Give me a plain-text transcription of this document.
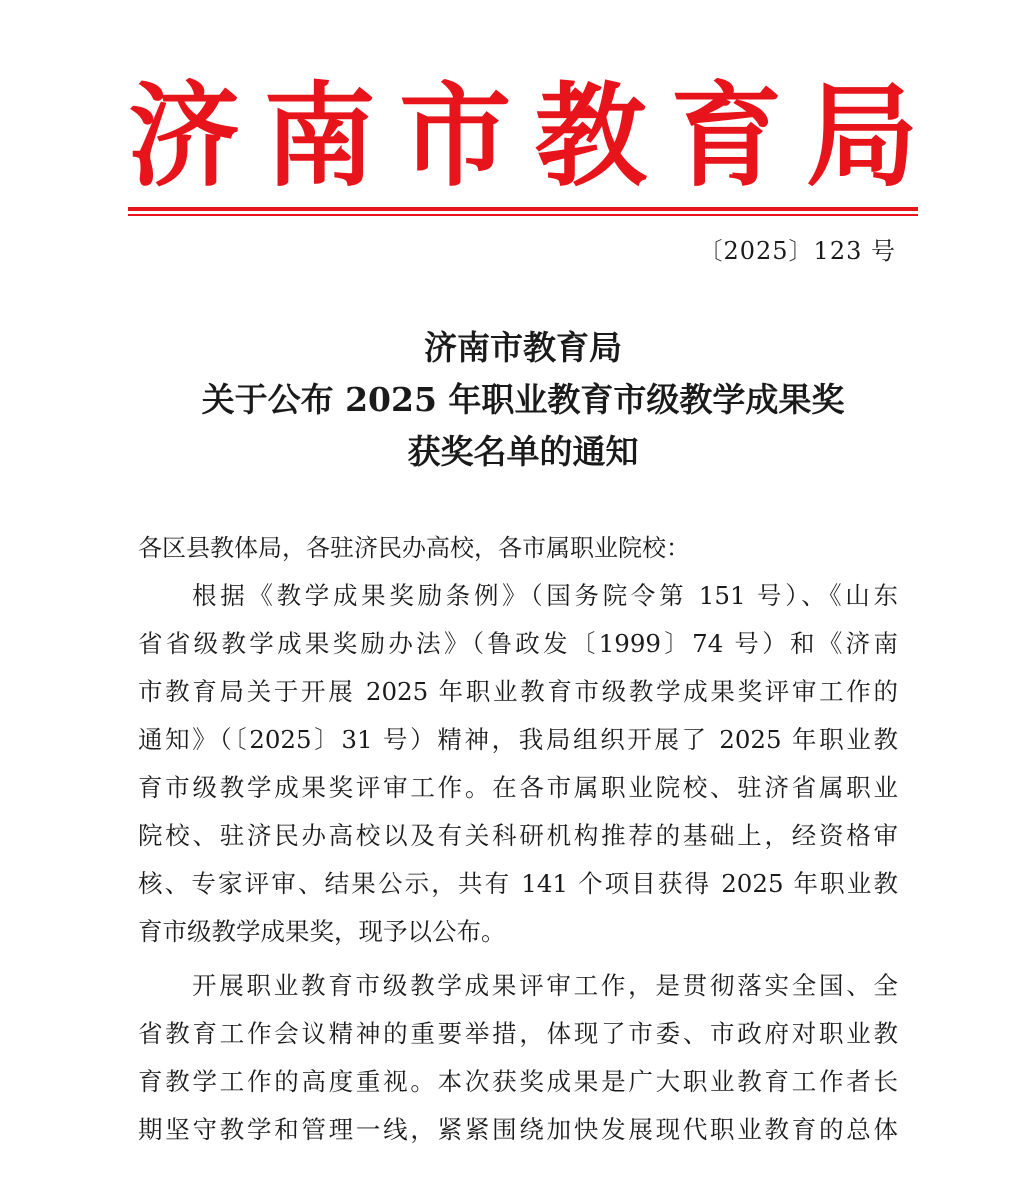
济 南 市 教 育 局
〔2025〕123 号
济南市教育局
关于公布 2025 年职业教育市级教学成果奖
获奖名单的通知
各区县教体局，各驻济民办高校，各市属职业院校：
根据《教学成果奖励条例》（国务院令第 151 号）、《山东
省省级教学成果奖励办法》（鲁政发〔1999〕74 号）和《济南
市教育局关于开展 2025 年职业教育市级教学成果奖评审工作的
通知》（〔2025〕31 号）精神，我局组织开展了 2025 年职业教
育市级教学成果奖评审工作。在各市属职业院校、驻济省属职业
院校、驻济民办高校以及有关科研机构推荐的基础上，经资格审
核、专家评审、结果公示，共有 141 个项目获得 2025 年职业教
育市级教学成果奖，现予以公布。
开展职业教育市级教学成果评审工作，是贯彻落实全国、全
省教育工作会议精神的重要举措，体现了市委、市政府对职业教
育教学工作的高度重视。本次获奖成果是广大职业教育工作者长
期坚守教学和管理一线，紧紧围绕加快发展现代职业教育的总体
